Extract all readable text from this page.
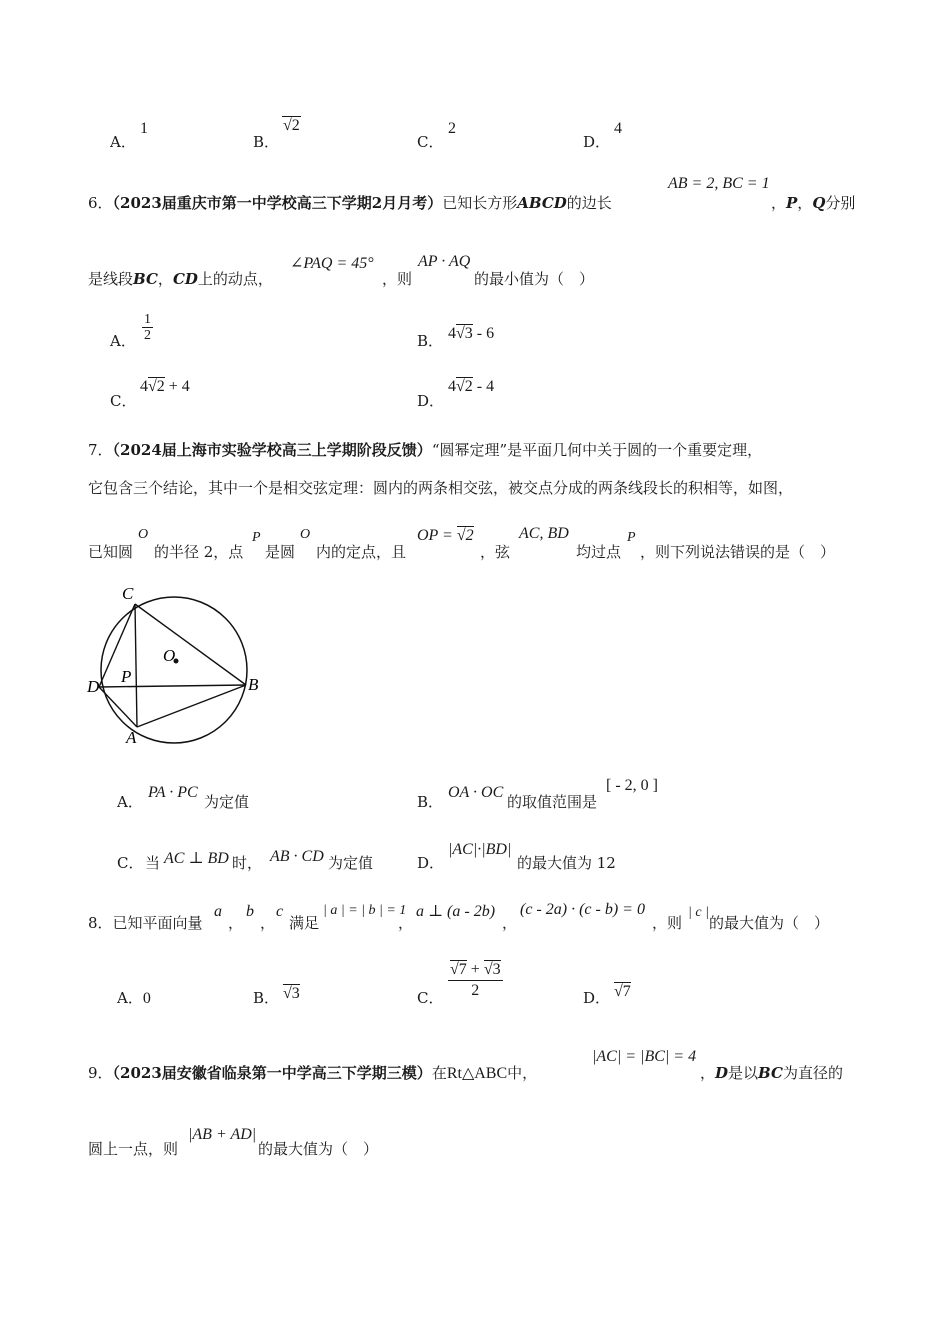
A．
1
B．
√2
C．
2
D．
4
6．（2023届重庆市第一中学校高三下学期2月月考）已知长方形ABCD的边长
AB = 2, BC = 1
，P，Q分别
是线段BC，CD上的动点，
∠PAQ = 45°
，则
AP · AQ
的最小值为（　）
A．
1
2	B． 4√3 - 6
C．
4√2 + 4
D．
4√2 - 4
7．（2024届上海市实验学校高三上学期阶段反馈）“圆幂定理”是平面几何中关于圆的一个重要定理，
它包含三个结论，其中一个是相交弦定理：圆内的两条相交弦，被交点分成的两条线段长的积相等，如图，
已知圆
O
的半径 2，点
P
是圆
O
内的定点，且
OP = √2
，弦
AC, BD
均过点
P
，则下列说法错误的是（　）
C
O
P
D	B
A
A．
PA · PC
为定值	B．
OA · OC
的取值范围是
[ - 2, 0 ]
C． 当 AC ⊥ BD 时， AB · CD 为定值	D．
|AC|·|BD|
的最大值为 12
8．已知平面向量
a
，
b
，
c
满足
| a | = | b | = 1
，
a ⊥ (a - 2b)
，
(c - 2a) · (c - b) = 0
，则
| c |
的最大值为（　）
A．0	B． √3	C．
√7 + √3
2	D． √7
9．（2023届安徽省临泉第一中学高三下学期三模）在Rt△ABC中，
|AC| = |BC| = 4
，D是以BC为直径的
圆上一点，则
|AB + AD|
的最大值为（　）
